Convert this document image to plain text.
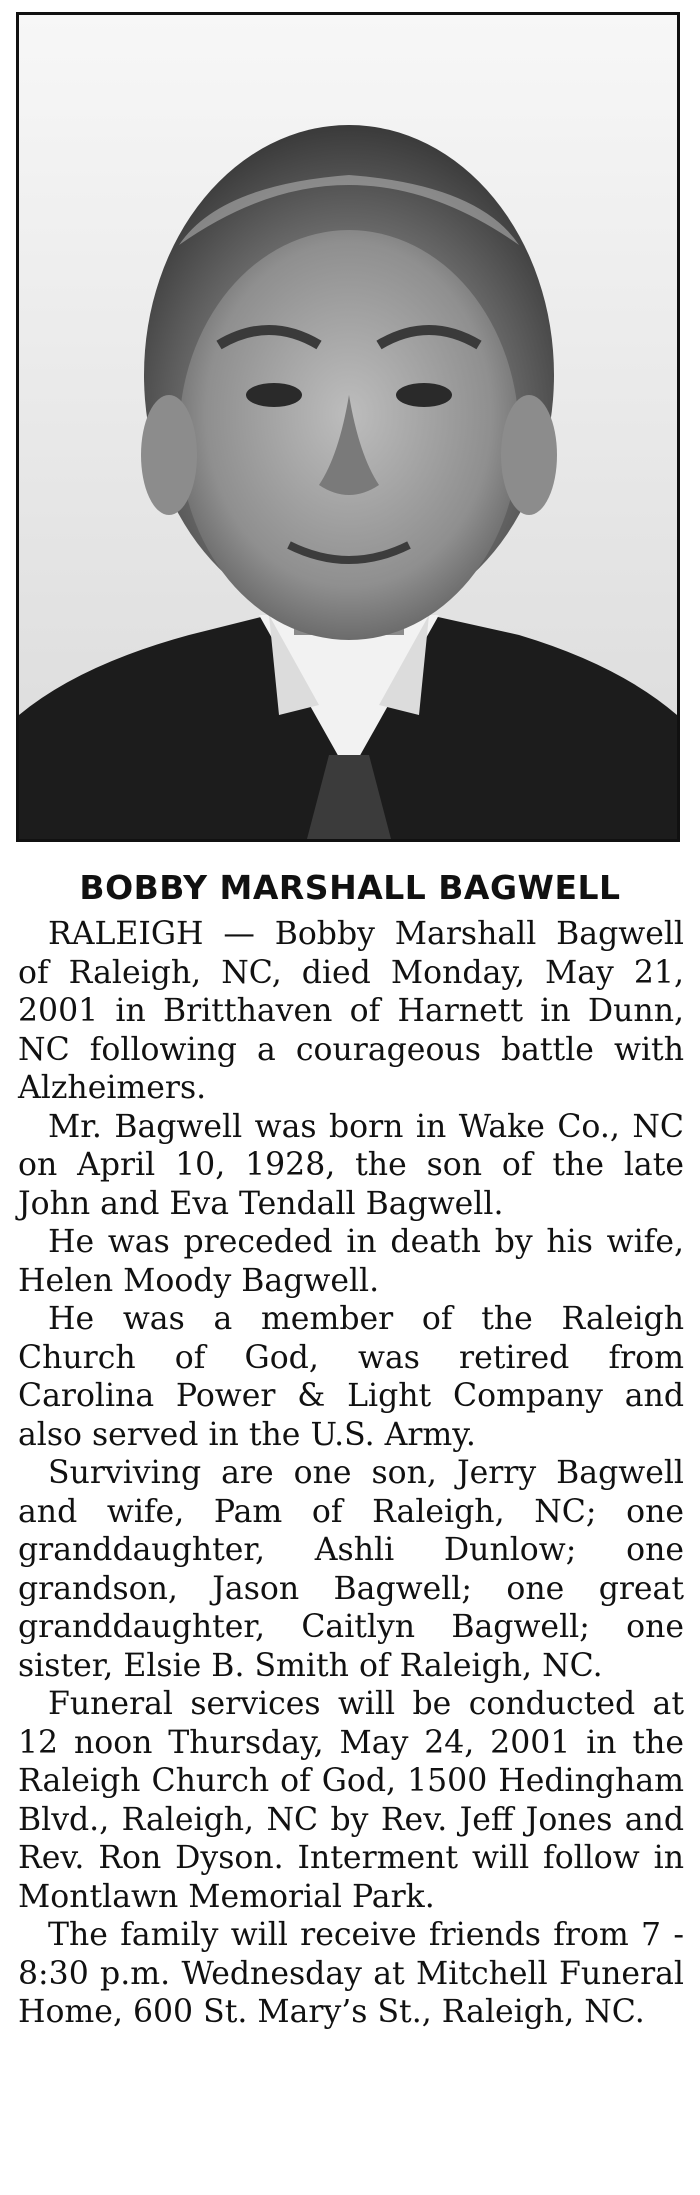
BOBBY MARSHALL BAGWELL

RALEIGH — Bobby Marshall Bagwell of Raleigh, NC, died Monday, May 21, 2001 in Britthaven of Harnett in Dunn, NC following a courageous battle with Alzheimers.

Mr. Bagwell was born in Wake Co., NC on April 10, 1928, the son of the late John and Eva Tendall Bagwell.

He was preceded in death by his wife, Helen Moody Bagwell.

He was a member of the Raleigh Church of God, was retired from Carolina Power & Light Company and also served in the U.S. Army.

Surviving are one son, Jerry Bagwell and wife, Pam of Raleigh, NC; one granddaughter, Ashli Dunlow; one grandson, Jason Bagwell; one great granddaughter, Caitlyn Bagwell; one sister, Elsie B. Smith of Raleigh, NC.

Funeral services will be conducted at 12 noon Thursday, May 24, 2001 in the Raleigh Church of God, 1500 Hedingham Blvd., Raleigh, NC by Rev. Jeff Jones and Rev. Ron Dyson. Interment will follow in Montlawn Memorial Park.

The family will receive friends from 7 - 8:30 p.m. Wednesday at Mitchell Funeral Home, 600 St. Mary’s St., Raleigh, NC.
